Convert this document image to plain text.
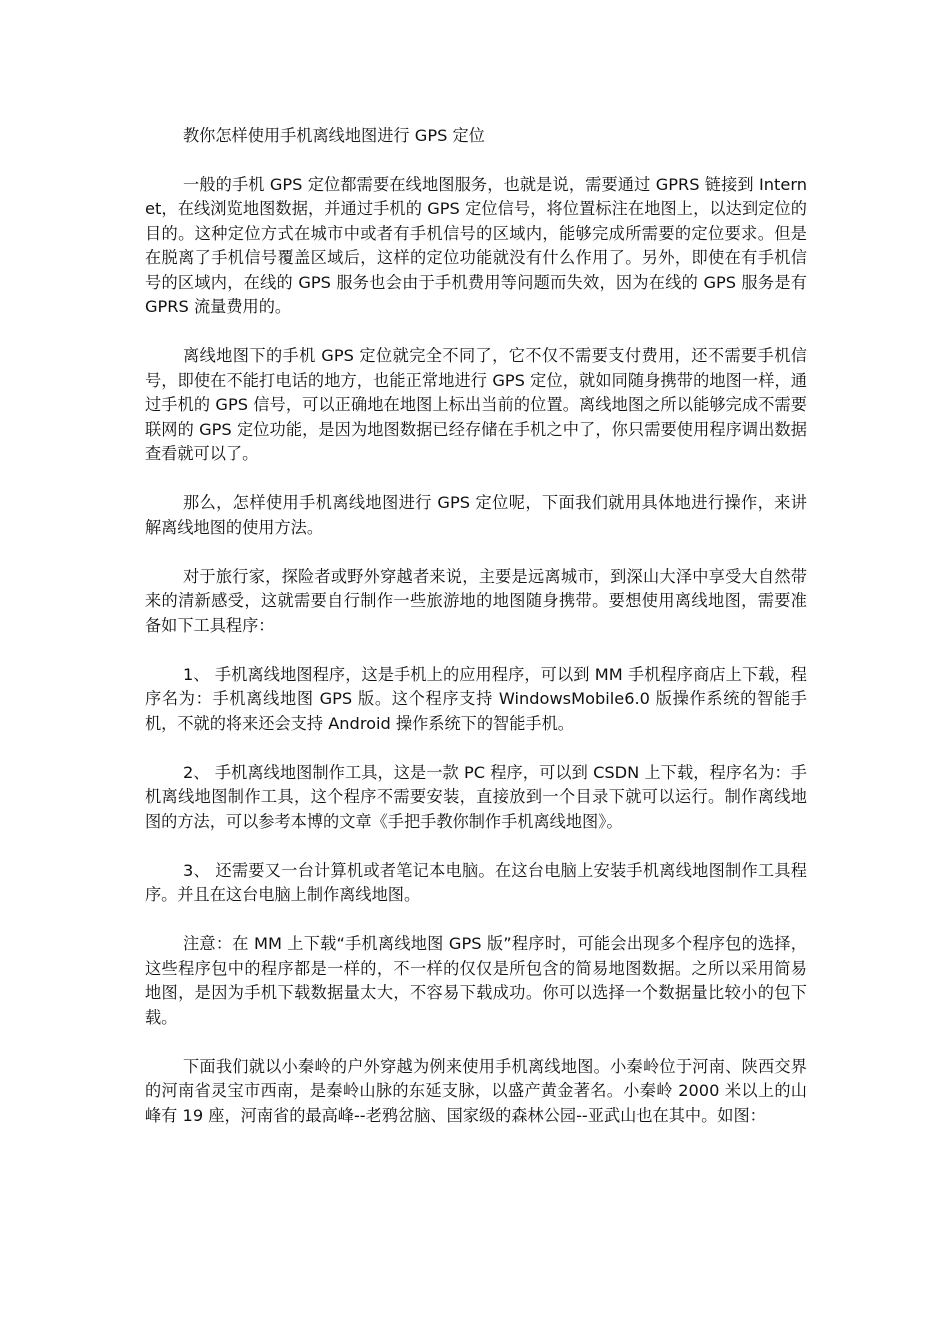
教你怎样使用手机离线地图进行 GPS 定位

一般的手机 GPS 定位都需要在线地图服务，也就是说，需要通过 GPRS 链接到 Internet，在线浏览地图数据，并通过手机的 GPS 定位信号，将位置标注在地图上，以达到定位的目的。这种定位方式在城市中或者有手机信号的区域内，能够完成所需要的定位要求。但是在脱离了手机信号覆盖区域后，这样的定位功能就没有什么作用了。另外，即使在有手机信号的区域内，在线的 GPS 服务也会由于手机费用等问题而失效，因为在线的 GPS 服务是有 GPRS 流量费用的。

离线地图下的手机 GPS 定位就完全不同了，它不仅不需要支付费用，还不需要手机信号，即使在不能打电话的地方，也能正常地进行 GPS 定位，就如同随身携带的地图一样，通过手机的 GPS 信号，可以正确地在地图上标出当前的位置。离线地图之所以能够完成不需要联网的 GPS 定位功能，是因为地图数据已经存储在手机之中了，你只需要使用程序调出数据查看就可以了。

那么，怎样使用手机离线地图进行 GPS 定位呢，下面我们就用具体地进行操作，来讲解离线地图的使用方法。

对于旅行家，探险者或野外穿越者来说，主要是远离城市，到深山大泽中享受大自然带来的清新感受，这就需要自行制作一些旅游地的地图随身携带。要想使用离线地图，需要准备如下工具程序：

1、 手机离线地图程序，这是手机上的应用程序，可以到 MM 手机程序商店上下载，程序名为：手机离线地图 GPS 版。这个程序支持 WindowsMobile6.0 版操作系统的智能手机，不就的将来还会支持 Android 操作系统下的智能手机。

2、 手机离线地图制作工具，这是一款 PC 程序，可以到 CSDN 上下载，程序名为：手机离线地图制作工具，这个程序不需要安装，直接放到一个目录下就可以运行。制作离线地图的方法，可以参考本博的文章《手把手教你制作手机离线地图》。

3、 还需要又一台计算机或者笔记本电脑。在这台电脑上安装手机离线地图制作工具程序。并且在这台电脑上制作离线地图。

注意：在 MM 上下载“手机离线地图 GPS 版”程序时，可能会出现多个程序包的选择，这些程序包中的程序都是一样的，不一样的仅仅是所包含的简易地图数据。之所以采用简易地图，是因为手机下载数据量太大，不容易下载成功。你可以选择一个数据量比较小的包下载。

下面我们就以小秦岭的户外穿越为例来使用手机离线地图。小秦岭位于河南、陕西交界的河南省灵宝市西南，是秦岭山脉的东延支脉，以盛产黄金著名。小秦岭 2000 米以上的山峰有 19 座，河南省的最高峰--老鸦岔脑、国家级的森林公园--亚武山也在其中。如图：
